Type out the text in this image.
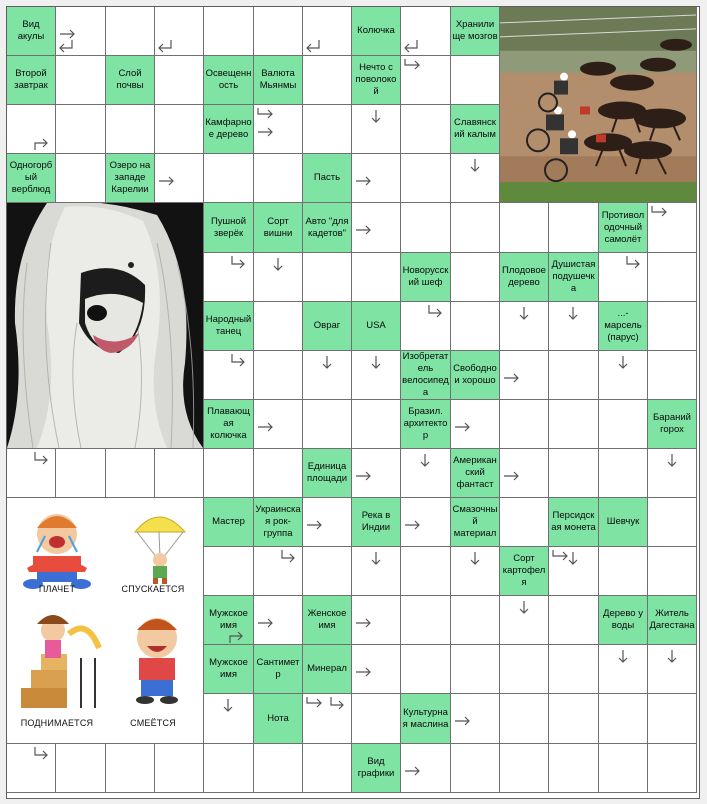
Вид акулы
Колючка
Хранилище мозгов
Второй завтрак
Слой почвы
Освещенность
Валюта Мьянмы
Нечто с поволокой
Камфарное дерево
Славянский калым
Одногорбый верблюд
Озеро на западе Карелии
Пасть
Пушной зверёк
Сорт вишни
Авто "для кадетов"
Противолодочный самолёт
Новорусский шеф
Плодовое дерево
Душистая подушечка
Народный танец
Овраг	USA
...-марсель (парус)
Изобретатель велосипеда
Свободно и хорошо
Плавающая колючка
Бразил. архитектор
Бараний горох
Единица площади
Американский фантаст
Мастер
Украинская рок-группа
Река в Индии
Смазочный материал
Персидская монета
Шевчук
Сорт картофеля
Мужское имя
Женское имя
Дерево у воды
Житель Дагестана
Мужское имя
Сантиметр
Минерал
Нота
Культурная маслина
Вид графики
ПЛАЧЕТ	СПУСКАЕТСЯ
ПОДНИМАЕТСЯ	СМЕЁТСЯ
